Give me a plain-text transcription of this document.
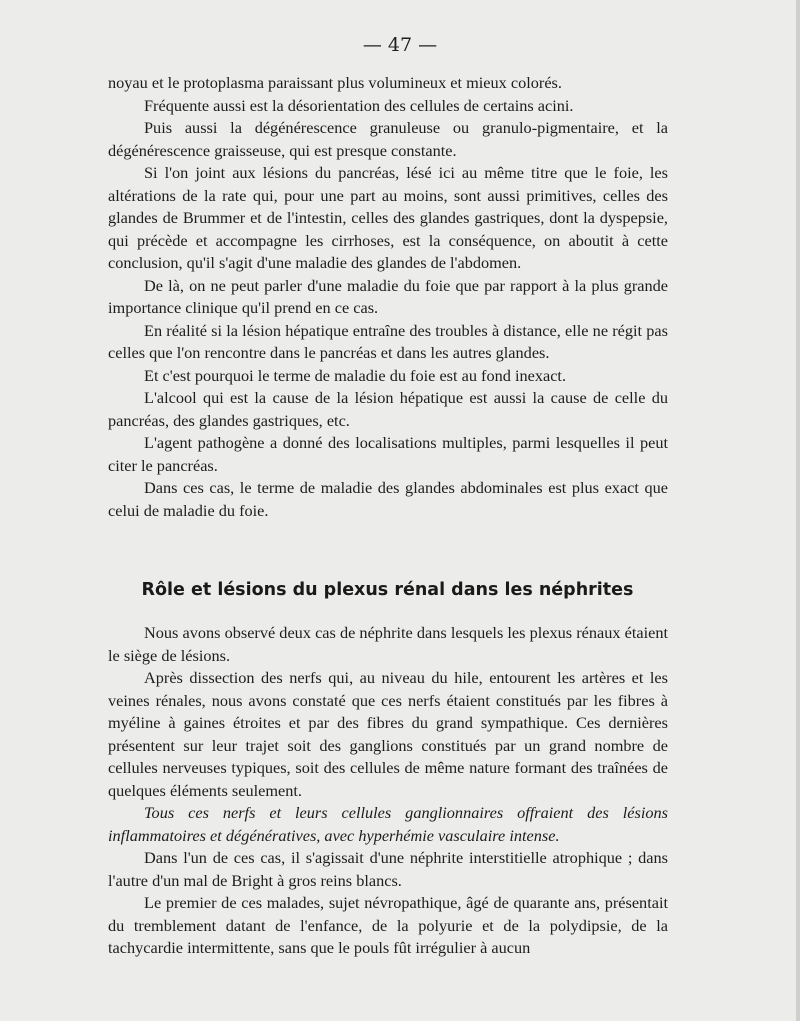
— 47 —

noyau et le protoplasma paraissant plus volumineux et mieux colorés.

Fréquente aussi est la désorientation des cellules de certains acini.

Puis aussi la dégénérescence granuleuse ou granulo-pigmentaire, et la dégénérescence graisseuse, qui est presque constante.

Si l'on joint aux lésions du pancréas, lésé ici au même titre que le foie, les altérations de la rate qui, pour une part au moins, sont aussi primitives, celles des glandes de Brummer et de l'intestin, celles des glandes gastriques, dont la dyspepsie, qui précède et accompagne les cirrhoses, est la conséquence, on aboutit à cette conclusion, qu'il s'agit d'une maladie des glandes de l'abdomen.

De là, on ne peut parler d'une maladie du foie que par rapport à la plus grande importance clinique qu'il prend en ce cas.

En réalité si la lésion hépatique entraîne des troubles à distance, elle ne régit pas celles que l'on rencontre dans le pancréas et dans les autres glandes.

Et c'est pourquoi le terme de maladie du foie est au fond inexact.

L'alcool qui est la cause de la lésion hépatique est aussi la cause de celle du pancréas, des glandes gastriques, etc.

L'agent pathogène a donné des localisations multiples, parmi lesquelles il peut citer le pancréas.

Dans ces cas, le terme de maladie des glandes abdominales est plus exact que celui de maladie du foie.

Rôle et lésions du plexus rénal dans les néphrites

Nous avons observé deux cas de néphrite dans lesquels les plexus rénaux étaient le siège de lésions.

Après dissection des nerfs qui, au niveau du hile, entourent les artères et les veines rénales, nous avons constaté que ces nerfs étaient constitués par les fibres à myéline à gaines étroites et par des fibres du grand sympathique. Ces dernières présentent sur leur trajet soit des ganglions constitués par un grand nombre de cellules nerveuses typiques, soit des cellules de même nature formant des traînées de quelques éléments seulement.

Tous ces nerfs et leurs cellules ganglionnaires offraient des lésions inflammatoires et dégénératives, avec hyperhémie vasculaire intense.

Dans l'un de ces cas, il s'agissait d'une néphrite interstitielle atrophique ; dans l'autre d'un mal de Bright à gros reins blancs.

Le premier de ces malades, sujet névropathique, âgé de quarante ans, présentait du tremblement datant de l'enfance, de la polyurie et de la polydipsie, de la tachycardie intermittente, sans que le pouls fût irrégulier à aucun
